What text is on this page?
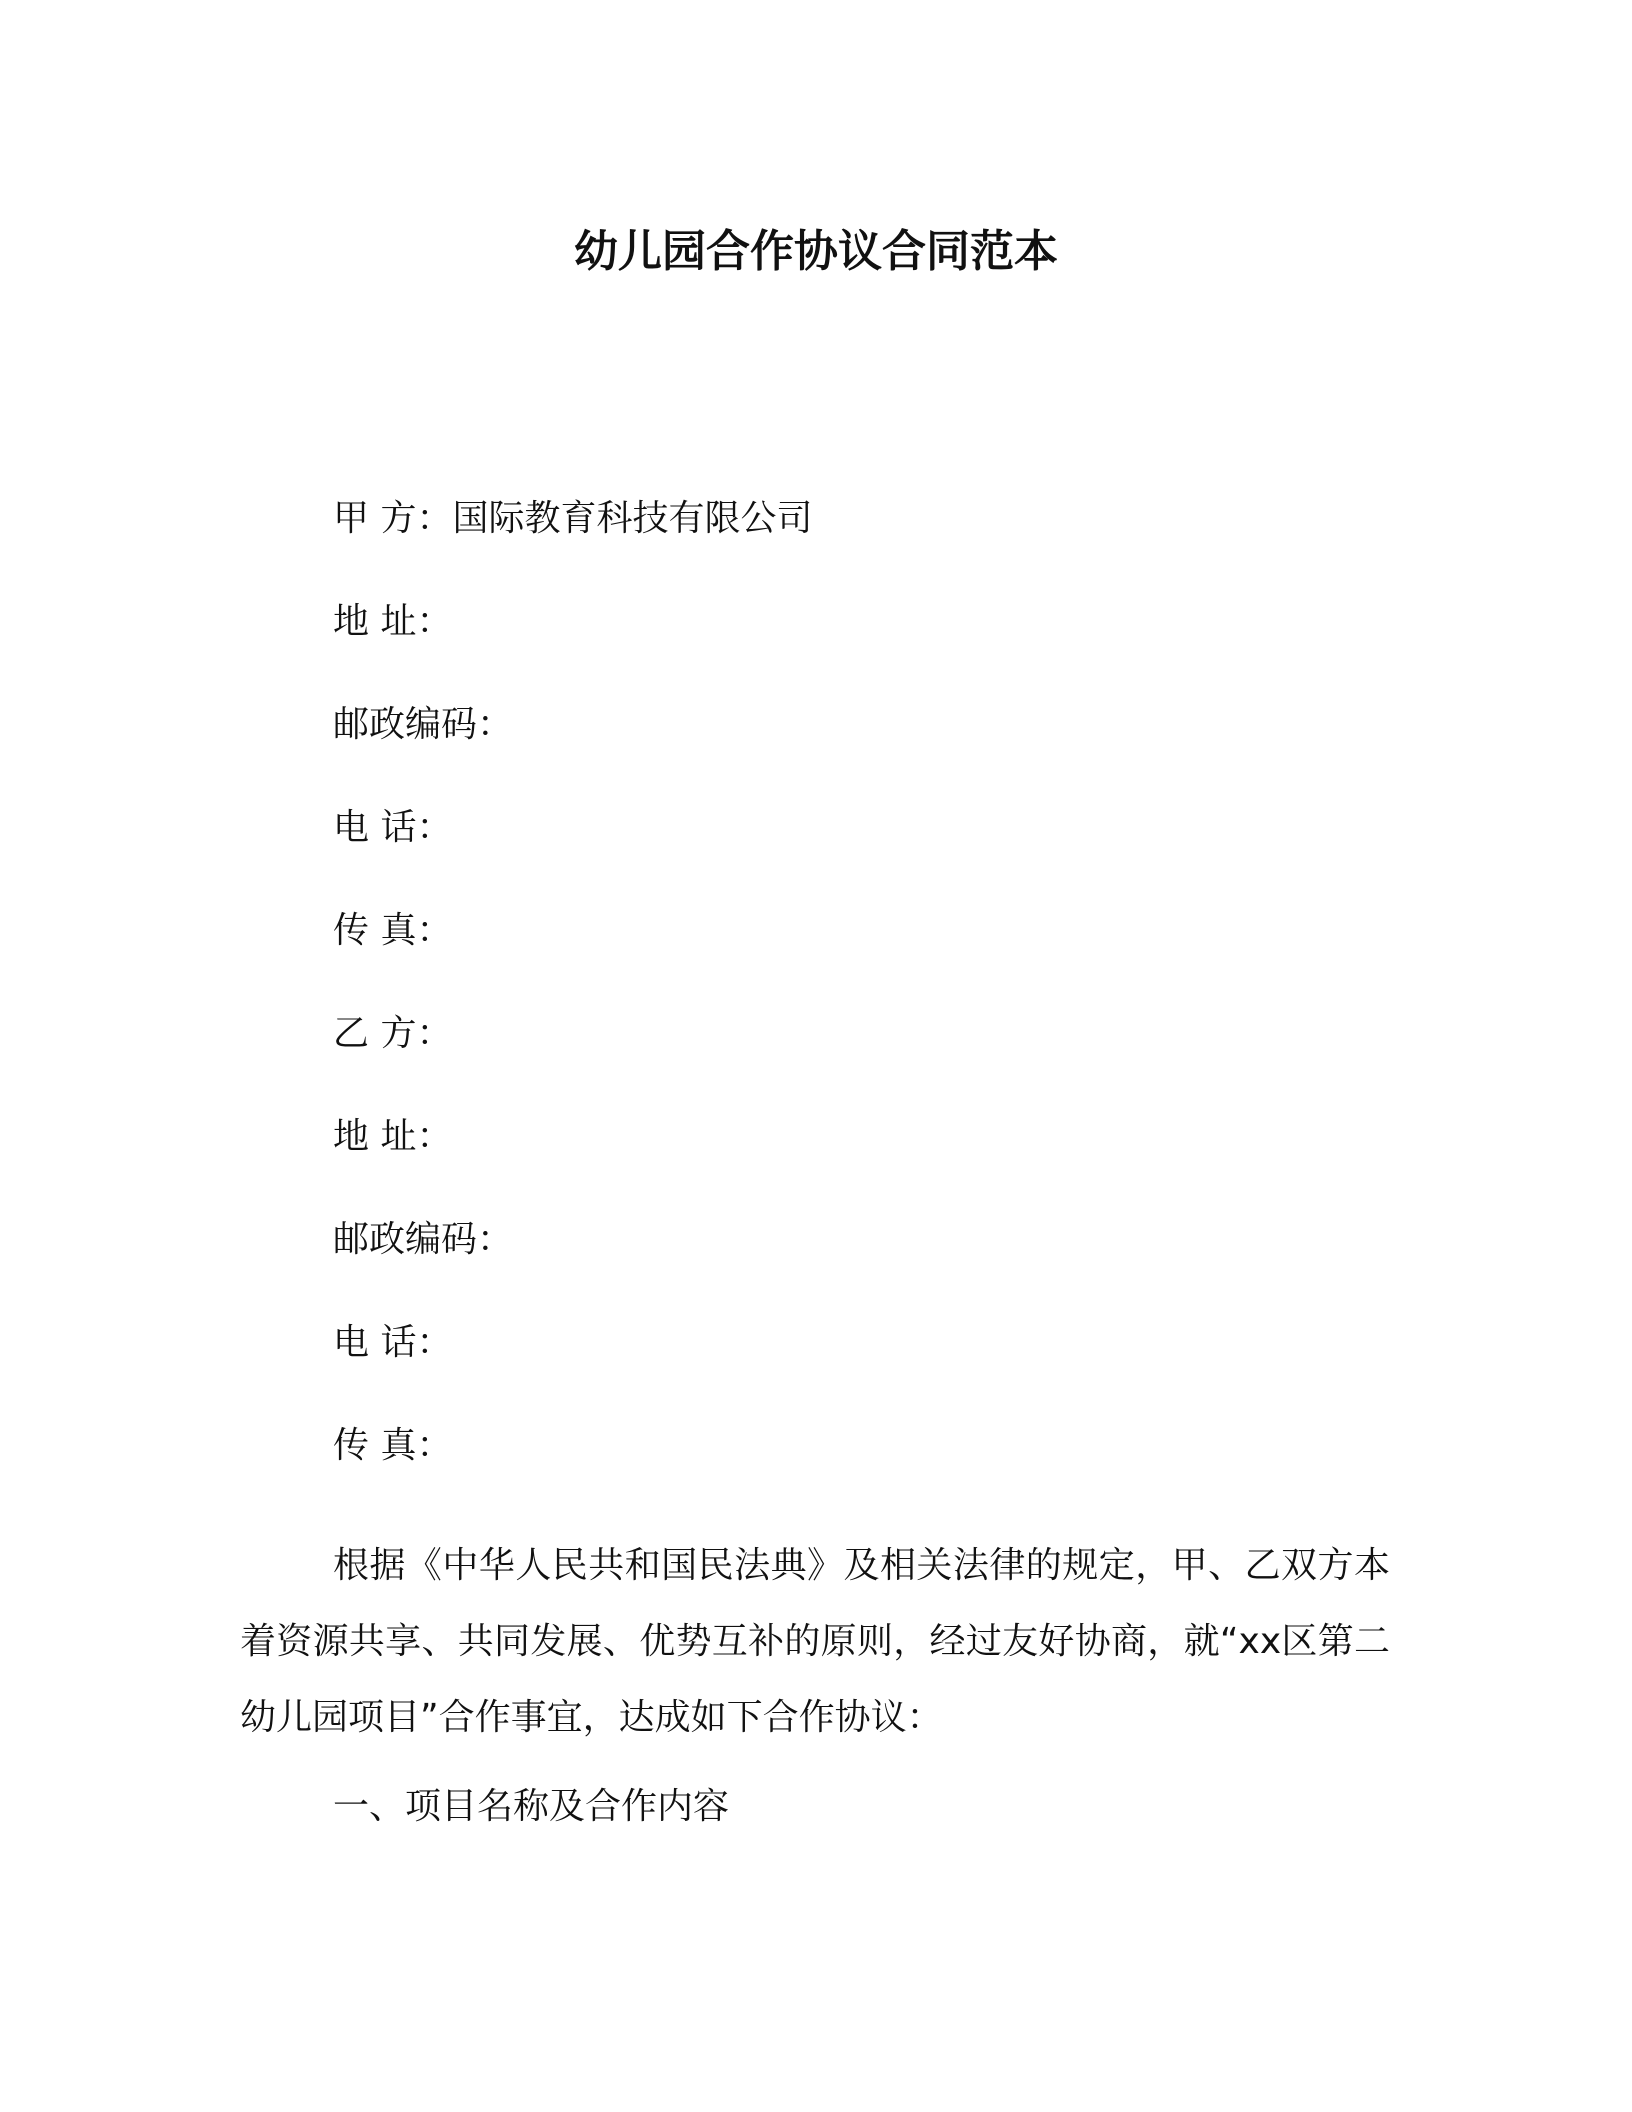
幼儿园合作协议合同范本
甲 方：国际教育科技有限公司
地 址：
邮政编码：
电 话：
传 真：
乙 方：
地 址：
邮政编码：
电 话：
传 真：

根据《中华人民共和国民法典》及相关法律的规定，甲、乙双方本着资源共享、共同发展、优势互补的原则，经过友好协商，就“xx区第二幼儿园项目”合作事宜，达成如下合作协议：

一、项目名称及合作内容
